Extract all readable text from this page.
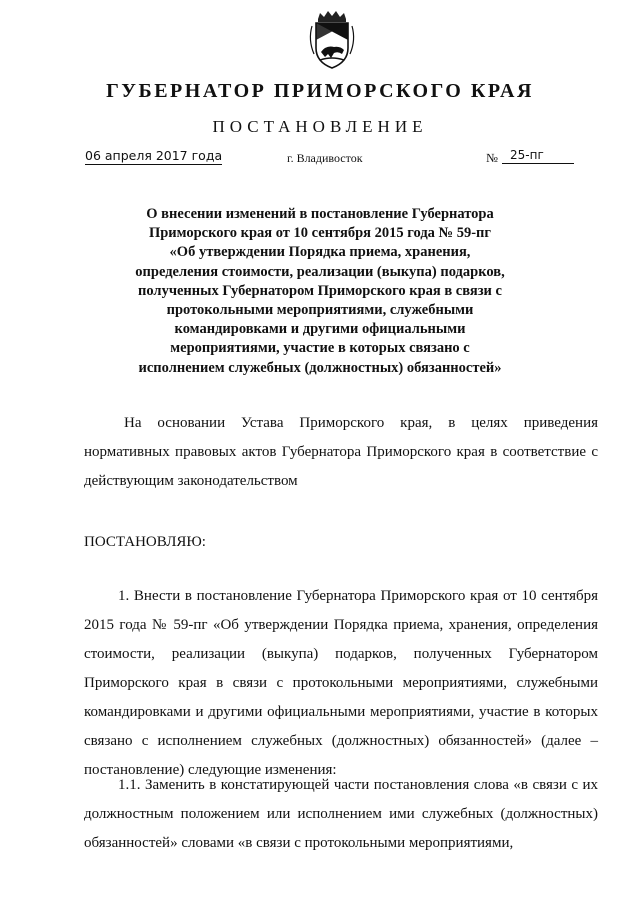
ГУБЕРНАТОР ПРИМОРСКОГО КРАЯ
ПОСТАНОВЛЕНИЕ
06 апреля 2017 года	г. Владивосток	№	25-пг
О внесении изменений в постановление Губернатора
Приморского края от 10 сентября 2015 года № 59-пг
«Об утверждении Порядка приема, хранения,
определения стоимости, реализации (выкупа) подарков,
полученных Губернатором Приморского края в связи с
протокольными мероприятиями, служебными
командировками и другими официальными
мероприятиями, участие в которых связано с
исполнением служебных (должностных) обязанностей»
На основании Устава Приморского края, в целях приведения нормативных правовых актов Губернатора Приморского края в соответствие с действующим законодательством
ПОСТАНОВЛЯЮ:
1. Внести в постановление Губернатора Приморского края от 10 сентября 2015 года № 59-пг «Об утверждении Порядка приема, хранения, определения стоимости, реализации (выкупа) подарков, полученных Губернатором Приморского края в связи с протокольными мероприятиями, служебными командировками и другими официальными мероприятиями, участие в которых связано с исполнением служебных (должностных) обязанностей» (далее – постановление) следующие изменения:
1.1. Заменить в констатирующей части постановления слова «в связи с их должностным положением или исполнением ими служебных (должностных) обязанностей» словами «в связи с протокольными мероприятиями,
